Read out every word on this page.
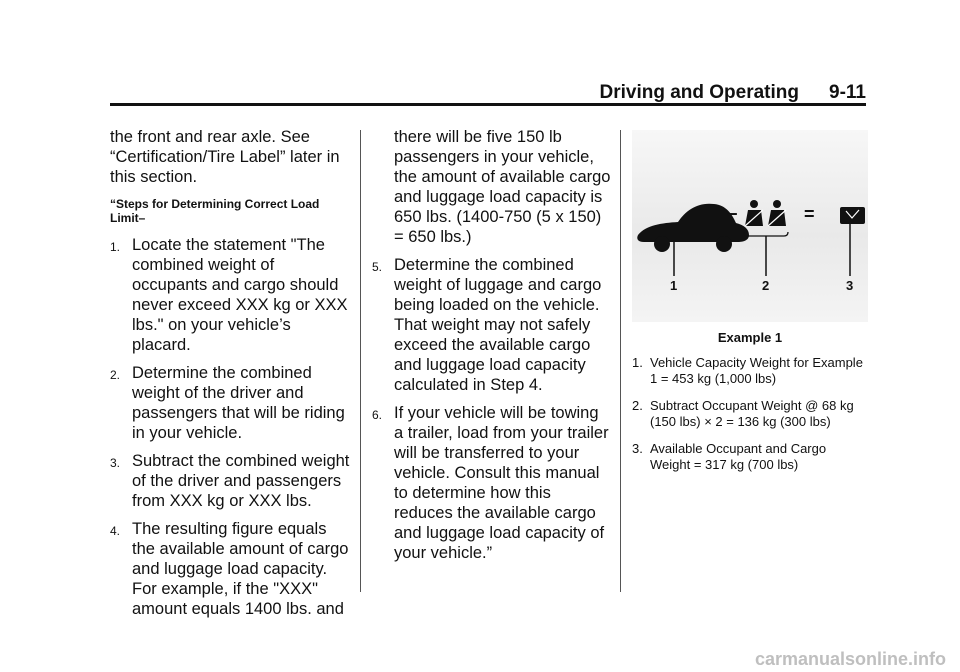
Driving and Operating 9-11

the front and rear axle. See “Certification/Tire Label” later in this section.

“Steps for Determining Correct Load Limit–

1. Locate the statement "The combined weight of occupants and cargo should never exceed XXX kg or XXX lbs." on your vehicle’s placard.
2. Determine the combined weight of the driver and passengers that will be riding in your vehicle.
3. Subtract the combined weight of the driver and passengers from XXX kg or XXX lbs.
4. The resulting figure equals the available amount of cargo and luggage load capacity. For example, if the "XXX" amount equals 1400 lbs. and

there will be five 150 lb passengers in your vehicle, the amount of available cargo and luggage load capacity is 650 lbs. (1400-750 (5 x 150) = 650 lbs.)

5. Determine the combined weight of luggage and cargo being loaded on the vehicle. That weight may not safely exceed the available cargo and luggage load capacity calculated in Step 4.
6. If your vehicle will be towing a trailer, load from your trailer will be transferred to your vehicle. Consult this manual to determine how this reduces the available cargo and luggage load capacity of your vehicle.”
−	=
1	2	3
Example 1
1. Vehicle Capacity Weight for Example 1 = 453 kg (1,000 lbs)
2. Subtract Occupant Weight @ 68 kg (150 lbs) × 2 = 136 kg (300 lbs)
3. Available Occupant and Cargo Weight = 317 kg (700 lbs)
carmanualsonline.info
